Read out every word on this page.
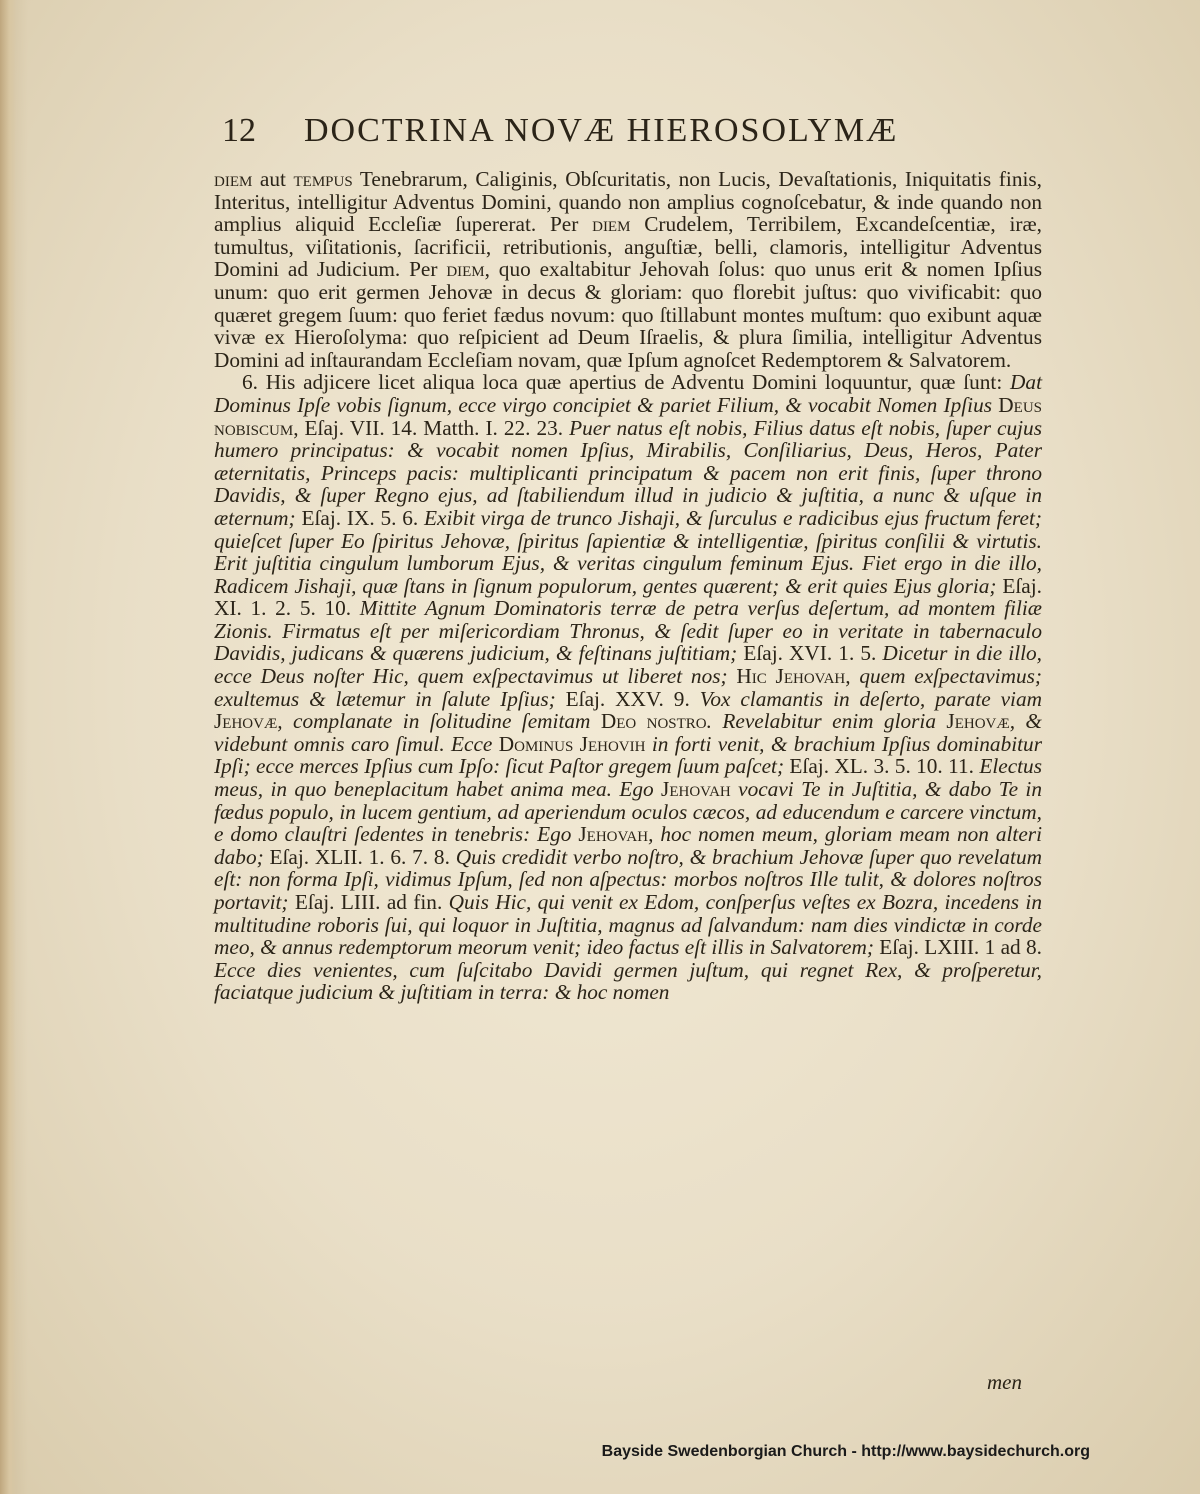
12 DOCTRINA NOVÆ HIEROSOLYMÆ

diem aut tempus Tenebrarum, Caliginis, Obſcuritatis, non Lucis, Devaſtationis, Iniquitatis finis, Interitus, intelligitur Adventus Domini, quando non amplius cognoſcebatur, & inde quando non amplius aliquid Eccleſiæ ſupererat. Per diem Crudelem, Terribilem, Excandeſcentiæ, iræ, tumultus, viſitationis, ſacrificii, retributionis, anguſtiæ, belli, clamoris, intelligitur Adventus Domini ad Judicium. Per diem, quo exaltabitur Jehovah ſolus: quo unus erit & nomen Ipſius unum: quo erit germen Jehovæ in decus & gloriam: quo florebit juſtus: quo vivificabit: quo quæret gregem ſuum: quo feriet fædus novum: quo ſtillabunt montes muſtum: quo exibunt aquæ vivæ ex Hieroſolyma: quo reſpicient ad Deum Iſraelis, & plura ſimilia, intelligitur Adventus Domini ad inſtaurandam Eccleſiam novam, quæ Ipſum agnoſcet Redemptorem & Salvatorem.

6. His adjicere licet aliqua loca quæ apertius de Adventu Domini loquuntur, quæ ſunt: Dat Dominus Ipſe vobis ſignum, ecce virgo concipiet & pariet Filium, & vocabit Nomen Ipſius Deus nobiscum, Eſaj. VII. 14. Matth. I. 22. 23. Puer natus eſt nobis, Filius datus eſt nobis, ſuper cujus humero principatus: & vocabit nomen Ipſius, Mirabilis, Conſiliarius, Deus, Heros, Pater æternitatis, Princeps pacis: multiplicanti principatum & pacem non erit finis, ſuper throno Davidis, & ſuper Regno ejus, ad ſtabiliendum illud in judicio & juſtitia, a nunc & uſque in æternum; Eſaj. IX. 5. 6. Exibit virga de trunco Jishaji, & ſurculus e radicibus ejus fructum feret; quieſcet ſuper Eo ſpiritus Jehovæ, ſpiritus ſapientiæ & intelligentiæ, ſpiritus conſilii & virtutis. Erit juſtitia cingulum lumborum Ejus, & veritas cingulum feminum Ejus. Fiet ergo in die illo, Radicem Jishaji, quæ ſtans in ſignum populorum, gentes quærent; & erit quies Ejus gloria; Eſaj. XI. 1. 2. 5. 10. Mittite Agnum Dominatoris terræ de petra verſus deſertum, ad montem filiæ Zionis. Firmatus eſt per miſericordiam Thronus, & ſedit ſuper eo in veritate in tabernaculo Davidis, judicans & quærens judicium, & feſtinans juſtitiam; Eſaj. XVI. 1. 5. Dicetur in die illo, ecce Deus noſter Hic, quem exſpectavimus ut liberet nos; Hic Jehovah, quem exſpectavimus; exultemus & lætemur in ſalute Ipſius; Eſaj. XXV. 9. Vox clamantis in deſerto, parate viam Jehovæ, complanate in ſolitudine ſemitam Deo noſtro. Revelabitur enim gloria Jehovæ, & videbunt omnis caro ſimul. Ecce Dominus Jehovih in forti venit, & brachium Ipſius dominabitur Ipſi; ecce merces Ipſius cum Ipſo: ſicut Paſtor gregem ſuum paſcet; Eſaj. XL. 3. 5. 10. 11. Electus meus, in quo beneplacitum habet anima mea. Ego Jehovah vocavi Te in Juſtitia, & dabo Te in fædus populo, in lucem gentium, ad aperiendum oculos cæcos, ad educendum e carcere vinctum, e domo clauſtri ſedentes in tenebris: Ego Jehovah, hoc nomen meum, gloriam meam non alteri dabo; Eſaj. XLII. 1. 6. 7. 8. Quis credidit verbo noſtro, & brachium Jehovæ ſuper quo revelatum eſt: non forma Ipſi, vidimus Ipſum, ſed non aſpectus: morbos noſtros Ille tulit, & dolores noſtros portavit; Eſaj. LIII. ad fin. Quis Hic, qui venit ex Edom, conſperſus veſtes ex Bozra, incedens in multitudine roboris ſui, qui loquor in Juſtitia, magnus ad ſalvandum: nam dies vindictæ in corde meo, & annus redemptorum meorum venit; ideo factus eſt illis in Salvatorem; Eſaj. LXIII. 1 ad 8. Ecce dies venientes, cum ſuſcitabo Davidi germen juſtum, qui regnet Rex, & proſperetur, faciatque judicium & juſtitiam in terra: & hoc nomen

men
Bayside Swedenborgian Church - http://www.baysidechurch.org
